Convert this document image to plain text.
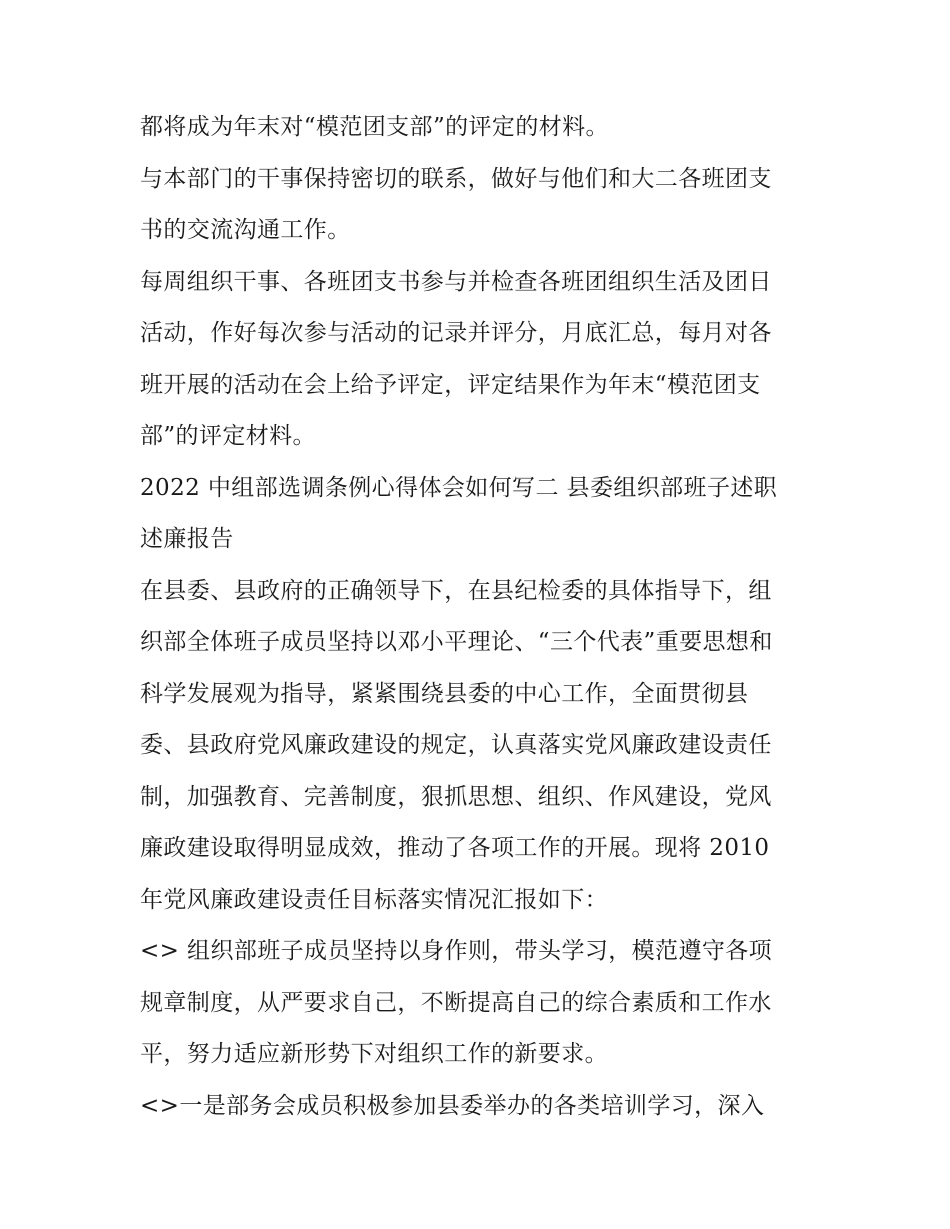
都将成为年末对“模范团支部”的评定的材料。
与本部门的干事保持密切的联系，做好与他们和大二各班团支
书的交流沟通工作。
每周组织干事、各班团支书参与并检查各班团组织生活及团日
活动，作好每次参与活动的记录并评分，月底汇总，每月对各
班开展的活动在会上给予评定，评定结果作为年末“模范团支
部”的评定材料。
2022 中组部选调条例心得体会如何写二 县委组织部班子述职
述廉报告
在县委、县政府的正确领导下，在县纪检委的具体指导下，组
织部全体班子成员坚持以邓小平理论、“三个代表”重要思想和
科学发展观为指导，紧紧围绕县委的中心工作，全面贯彻县
委、县政府党风廉政建设的规定，认真落实党风廉政建设责任
制，加强教育、完善制度，狠抓思想、组织、作风建设，党风
廉政建设取得明显成效，推动了各项工作的开展。现将 2010
年党风廉政建设责任目标落实情况汇报如下：
<> 组织部班子成员坚持以身作则，带头学习，模范遵守各项
规章制度，从严要求自己，不断提高自己的综合素质和工作水
平，努力适应新形势下对组织工作的新要求。
<>一是部务会成员积极参加县委举办的各类培训学习，深入
